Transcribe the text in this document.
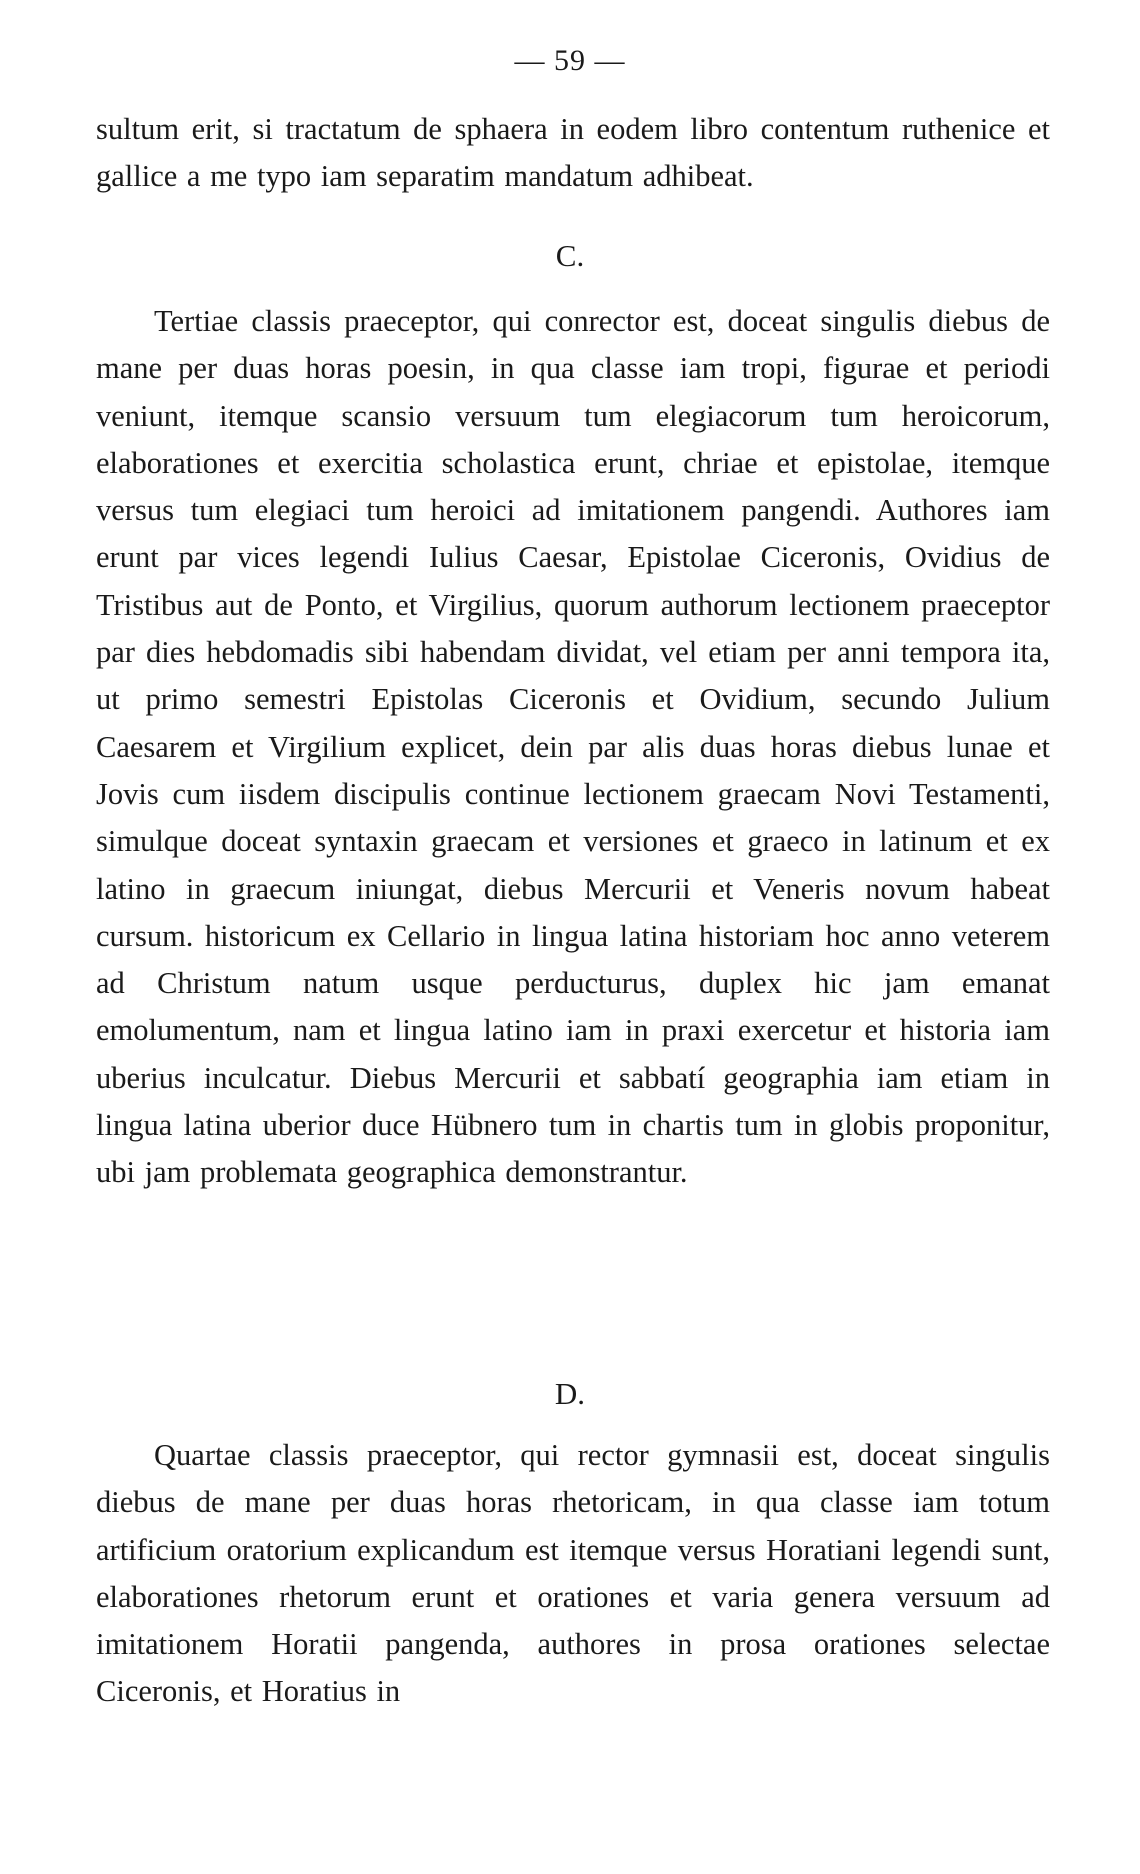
— 59 —

sultum erit, si tractatum de sphaera in eodem libro contentum ruthenice et gallice a me typo iam separatim mandatum adhibeat.

C.

Tertiae classis praeceptor, qui conrector est, doceat singulis diebus de mane per duas horas poesin, in qua classe iam tropi, figurae et periodi veniunt, itemque scansio versuum tum elegiacorum tum heroicorum, elaborationes et exercitia scholastica erunt, chriae et epistolae, itemque versus tum elegiaci tum heroici ad imitationem pangendi. Authores iam erunt par vices legendi Iulius Caesar, Epistolae Ciceronis, Ovidius de Tristibus aut de Ponto, et Virgilius, quorum authorum lectionem praeceptor par dies hebdomadis sibi habendam dividat, vel etiam per anni tempora ita, ut primo semestri Epistolas Ciceronis et Ovidium, secundo Julium Caesarem et Virgilium explicet, dein par alis duas horas diebus lunae et Jovis cum iisdem discipulis continue lectionem graecam Novi Testamenti, simulque doceat syntaxin graecam et versiones et graeco in latinum et ex latino in graecum iniungat, diebus Mercurii et Veneris novum habeat cursum. historicum ex Cellario in lingua latina historiam hoc anno veterem ad Christum natum usque perducturus, duplex hic jam emanat emolumentum, nam et lingua latino iam in praxi exercetur et historia iam uberius inculcatur. Diebus Mercurii et sabbatí geographia iam etiam in lingua latina uberior duce Hübnero tum in chartis tum in globis proponitur, ubi jam problemata geographica demonstrantur.

D.

Quartae classis praeceptor, qui rector gymnasii est, doceat singulis diebus de mane per duas horas rhetoricam, in qua classe iam totum artificium oratorium explicandum est itemque versus Horatiani legendi sunt, elaborationes rhetorum erunt et orationes et varia genera versuum ad imitationem Horatii pangenda, authores in prosa orationes selectae Ciceronis, et Horatius in
